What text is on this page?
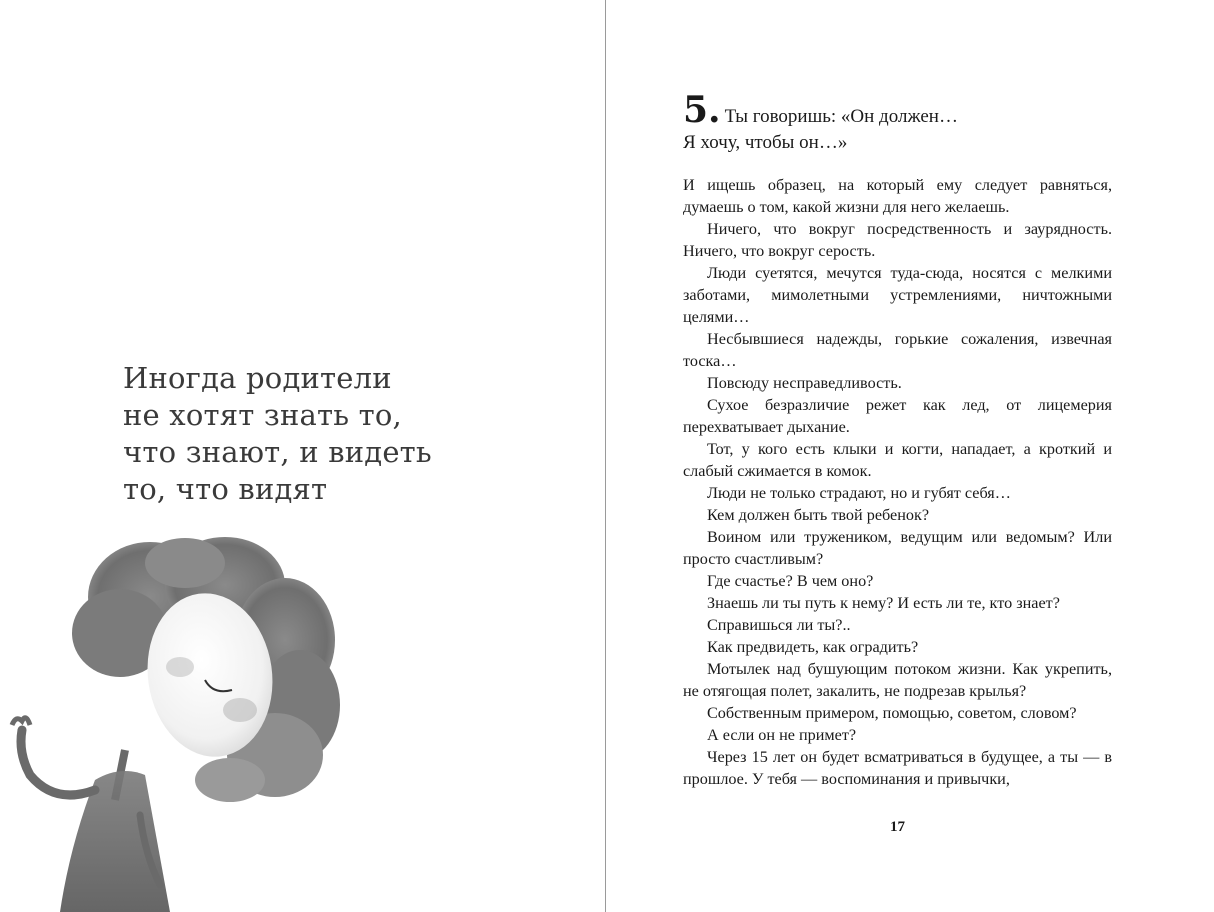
Иногда родители
не хотят знать то,
что знают, и видеть
то, что видят
5. Ты говоришь: «Он должен…
Я хочу, чтобы он…»

И ищешь образец, на который ему следует равняться, думаешь о том, какой жизни для него желаешь.

Ничего, что вокруг посредственность и заурядность. Ничего, что вокруг серость.

Люди суетятся, мечутся туда-сюда, носятся с мелкими заботами, мимолетными устремлениями, ничтожными целями…

Несбывшиеся надежды, горькие сожаления, извечная тоска…

Повсюду несправедливость.

Сухое безразличие режет как лед, от лицемерия перехватывает дыхание.

Тот, у кого есть клыки и когти, нападает, а кроткий и слабый сжимается в комок.

Люди не только страдают, но и губят себя…

Кем должен быть твой ребенок?

Воином или тружеником, ведущим или ведомым? Или просто счастливым?

Где счастье? В чем оно?

Знаешь ли ты путь к нему? И есть ли те, кто знает?

Справишься ли ты?..

Как предвидеть, как оградить?

Мотылек над бушующим потоком жизни. Как укрепить, не отягощая полет, закалить, не подрезав крылья?

Собственным примером, помощью, советом, словом?

А если он не примет?

Через 15 лет он будет всматриваться в будущее, а ты — в прошлое. У тебя — воспоминания и привычки,

17
